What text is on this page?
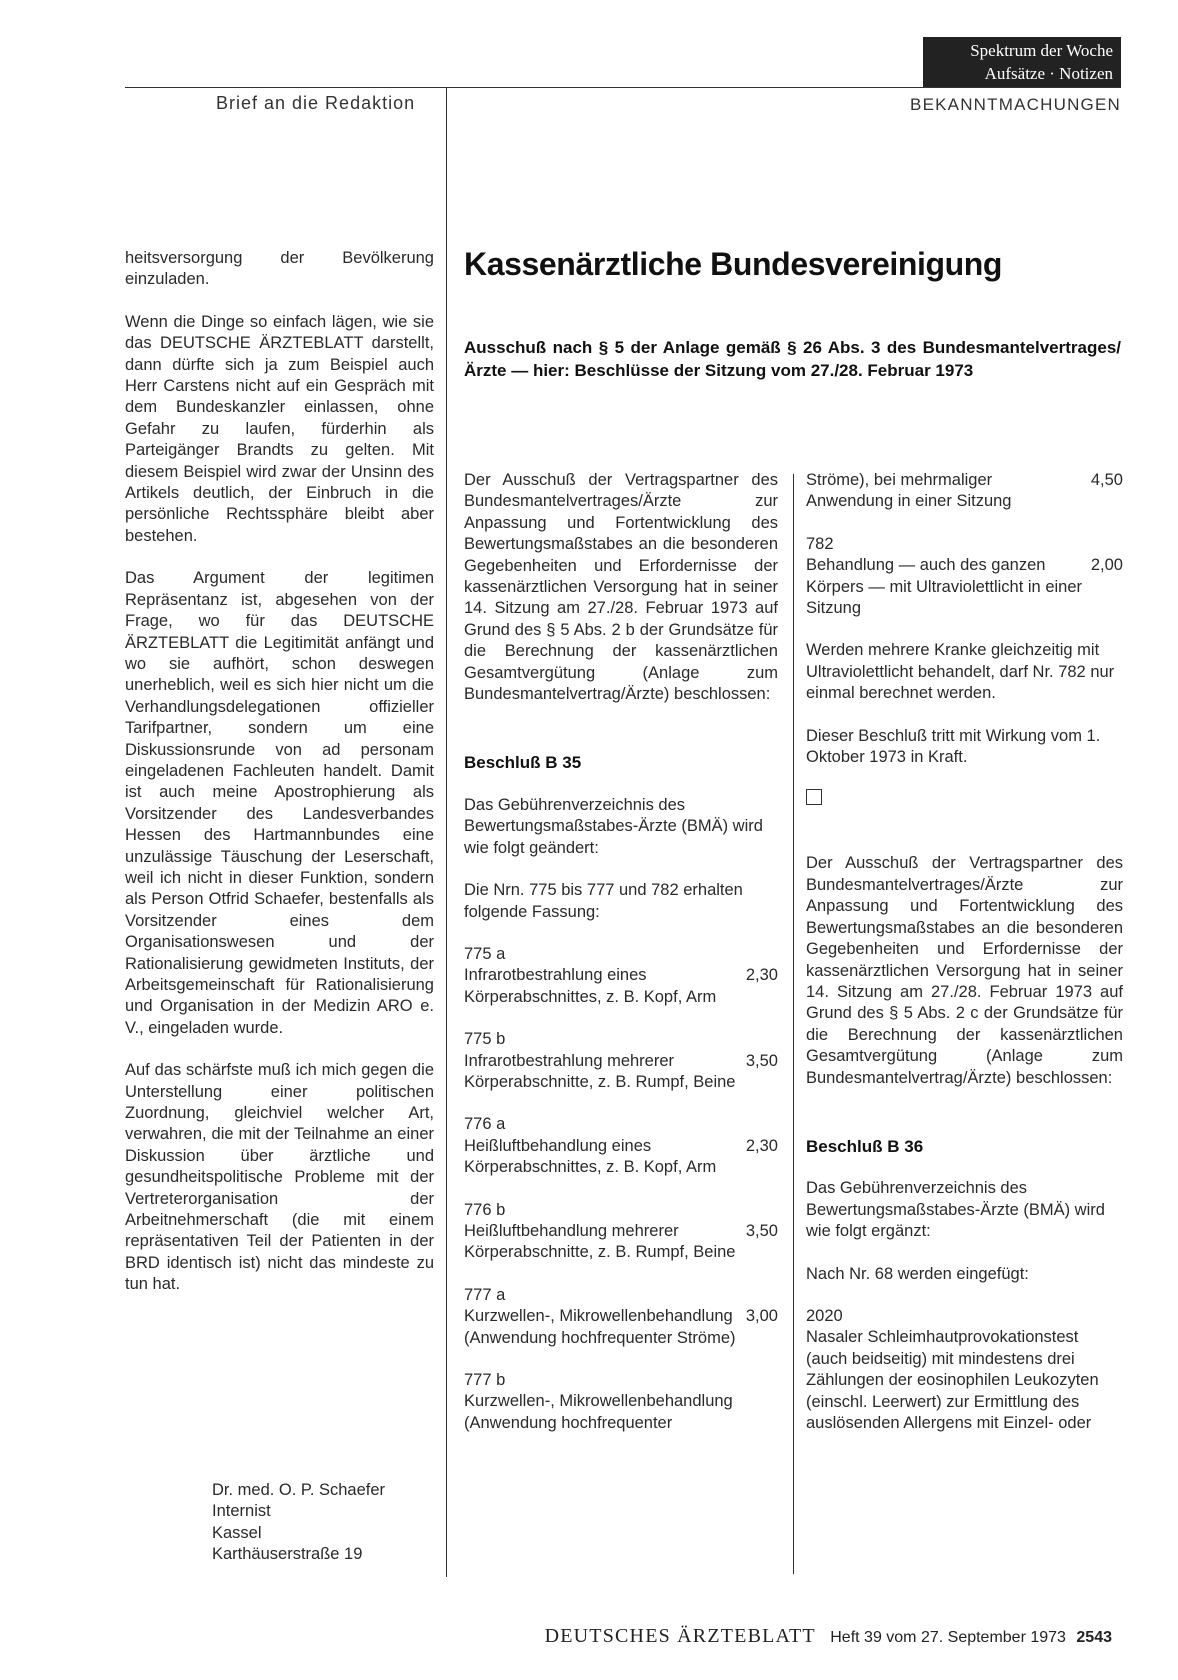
Spektrum der Woche
Aufsätze · Notizen
Brief an die Redaktion	BEKANNTMACHUNGEN

heitsversorgung der Bevölkerung einzuladen.

Wenn die Dinge so einfach lägen, wie sie das DEUTSCHE ÄRZTEBLATT darstellt, dann dürfte sich ja zum Beispiel auch Herr Carstens nicht auf ein Gespräch mit dem Bundeskanzler einlassen, ohne Gefahr zu laufen, fürderhin als Parteigänger Brandts zu gelten. Mit diesem Beispiel wird zwar der Unsinn des Artikels deutlich, der Einbruch in die persönliche Rechtssphäre bleibt aber bestehen.

Das Argument der legitimen Repräsentanz ist, abgesehen von der Frage, wo für das DEUTSCHE ÄRZTEBLATT die Legitimität anfängt und wo sie aufhört, schon deswegen unerheblich, weil es sich hier nicht um die Verhandlungsdelegationen offizieller Tarifpartner, sondern um eine Diskussionsrunde von ad personam eingeladenen Fachleuten handelt. Damit ist auch meine Apostrophierung als Vorsitzender des Landesverbandes Hessen des Hartmannbundes eine unzulässige Täuschung der Leserschaft, weil ich nicht in dieser Funktion, sondern als Person Otfrid Schaefer, bestenfalls als Vorsitzender eines dem Organisationswesen und der Rationalisierung gewidmeten Instituts, der Arbeitsgemeinschaft für Rationalisierung und Organisation in der Medizin ARO e. V., eingeladen wurde.

Auf das schärfste muß ich mich gegen die Unterstellung einer politischen Zuordnung, gleichviel welcher Art, verwahren, die mit der Teilnahme an einer Diskussion über ärztliche und gesundheitspolitische Probleme mit der Vertreterorganisation der Arbeitnehmerschaft (die mit einem repräsentativen Teil der Patienten in der BRD identisch ist) nicht das mindeste zu tun hat.

Dr. med. O. P. Schaefer
Internist
Kassel
Karthäuserstraße 19
Kassenärztliche Bundesvereinigung
Ausschuß nach § 5 der Anlage gemäß § 26 Abs. 3 des Bundesmantelvertrages/Ärzte — hier: Beschlüsse der Sitzung vom 27./28. Februar 1973

Der Ausschuß der Vertragspartner des Bundesmantelvertrages/Ärzte zur Anpassung und Fortentwicklung des Bewertungsmaßstabes an die besonderen Gegebenheiten und Erfordernisse der kassenärztlichen Versorgung hat in seiner 14. Sitzung am 27./28. Februar 1973 auf Grund des § 5 Abs. 2 b der Grundsätze für die Berechnung der kassenärztlichen Gesamtvergütung (Anlage zum Bundesmantelvertrag/Ärzte) beschlossen:

Beschluß B 35

Das Gebührenverzeichnis des Bewertungsmaßstabes-Ärzte (BMÄ) wird wie folgt geändert:

Die Nrn. 775 bis 777 und 782 erhalten folgende Fassung:

775 a
Infrarotbestrahlung eines Körperabschnittes, z. B. Kopf, Arm
2,30
775 b
Infrarotbestrahlung mehrerer Körperabschnitte, z. B. Rumpf, Beine
3,50
776 a
Heißluftbehandlung eines Körperabschnittes, z. B. Kopf, Arm
2,30
776 b
Heißluftbehandlung mehrerer Körperabschnitte, z. B. Rumpf, Beine
3,50
777 a
Kurzwellen-, Mikrowellenbehandlung (Anwendung hochfrequenter Ströme)
3,00
777 b
Kurzwellen-, Mikrowellenbehandlung (Anwendung hochfrequenter
Ströme), bei mehrmaliger Anwendung in einer Sitzung
4,50
782
Behandlung — auch des ganzen Körpers — mit Ultraviolettlicht in einer Sitzung
2,00

Werden mehrere Kranke gleichzeitig mit Ultraviolettlicht behandelt, darf Nr. 782 nur einmal berechnet werden.

Dieser Beschluß tritt mit Wirkung vom 1. Oktober 1973 in Kraft.

Der Ausschuß der Vertragspartner des Bundesmantelvertrages/Ärzte zur Anpassung und Fortentwicklung des Bewertungsmaßstabes an die besonderen Gegebenheiten und Erfordernisse der kassenärztlichen Versorgung hat in seiner 14. Sitzung am 27./28. Februar 1973 auf Grund des § 5 Abs. 2 c der Grundsätze für die Berechnung der kassenärztlichen Gesamtvergütung (Anlage zum Bundesmantelvertrag/Ärzte) beschlossen:

Beschluß B 36

Das Gebührenverzeichnis des Bewertungsmaßstabes-Ärzte (BMÄ) wird wie folgt ergänzt:

Nach Nr. 68 werden eingefügt:

2020
Nasaler Schleimhautprovokationstest (auch beidseitig) mit mindestens drei Zählungen der eosinophilen Leukozyten (einschl. Leerwert) zur Ermittlung des auslösenden Allergens mit Einzel- oder
DEUTSCHES ÄRZTEBLATT Heft 39 vom 27. September 1973 2543
